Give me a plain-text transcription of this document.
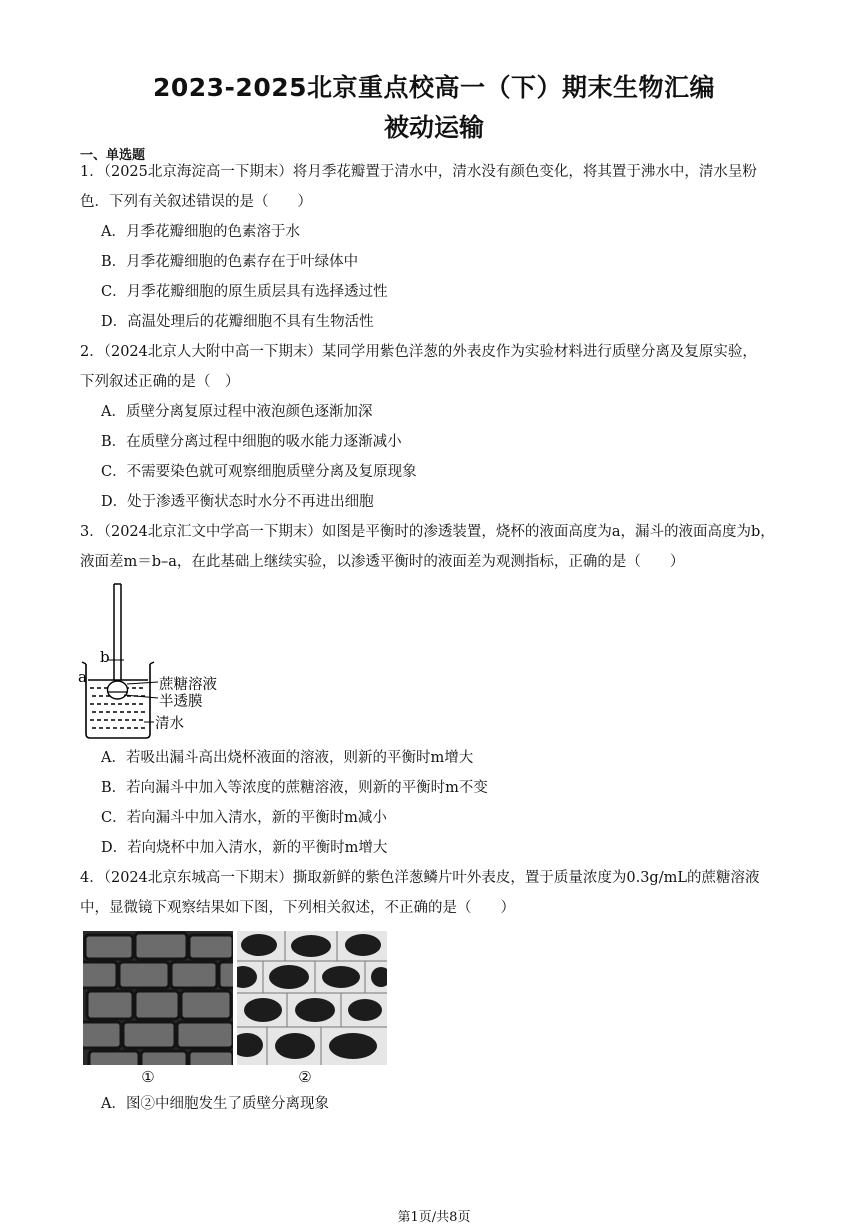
2023-2025北京重点校高一（下）期末生物汇编
被动运输
一、单选题
1．（2025北京海淀高一下期末）将月季花瓣置于清水中，清水没有颜色变化，将其置于沸水中，清水呈粉
色．下列有关叙述错误的是（　　）
A．月季花瓣细胞的色素溶于水
B．月季花瓣细胞的色素存在于叶绿体中
C．月季花瓣细胞的原生质层具有选择透过性
D．高温处理后的花瓣细胞不具有生物活性
2．（2024北京人大附中高一下期末）某同学用紫色洋葱的外表皮作为实验材料进行质壁分离及复原实验，
下列叙述正确的是（　）
A．质壁分离复原过程中液泡颜色逐渐加深
B．在质壁分离过程中细胞的吸水能力逐渐减小
C．不需要染色就可观察细胞质壁分离及复原现象
D．处于渗透平衡状态时水分不再进出细胞
3．（2024北京汇文中学高一下期末）如图是平衡时的渗透装置，烧杯的液面高度为a，漏斗的液面高度为b，
液面差m＝b–a，在此基础上继续实验，以渗透平衡时的液面差为观测指标，正确的是（　　）
b
a	蔗糖溶液
半透膜
清水
A．若吸出漏斗高出烧杯液面的溶液，则新的平衡时m增大
B．若向漏斗中加入等浓度的蔗糖溶液，则新的平衡时m不变
C．若向漏斗中加入清水，新的平衡时m减小
D．若向烧杯中加入清水，新的平衡时m增大
4．（2024北京东城高一下期末）撕取新鲜的紫色洋葱鳞片叶外表皮，置于质量浓度为0.3g/mL的蔗糖溶液
中，显微镜下观察结果如下图，下列相关叙述，不正确的是（　　）
①	②
A．图②中细胞发生了质壁分离现象
第1页/共8页
